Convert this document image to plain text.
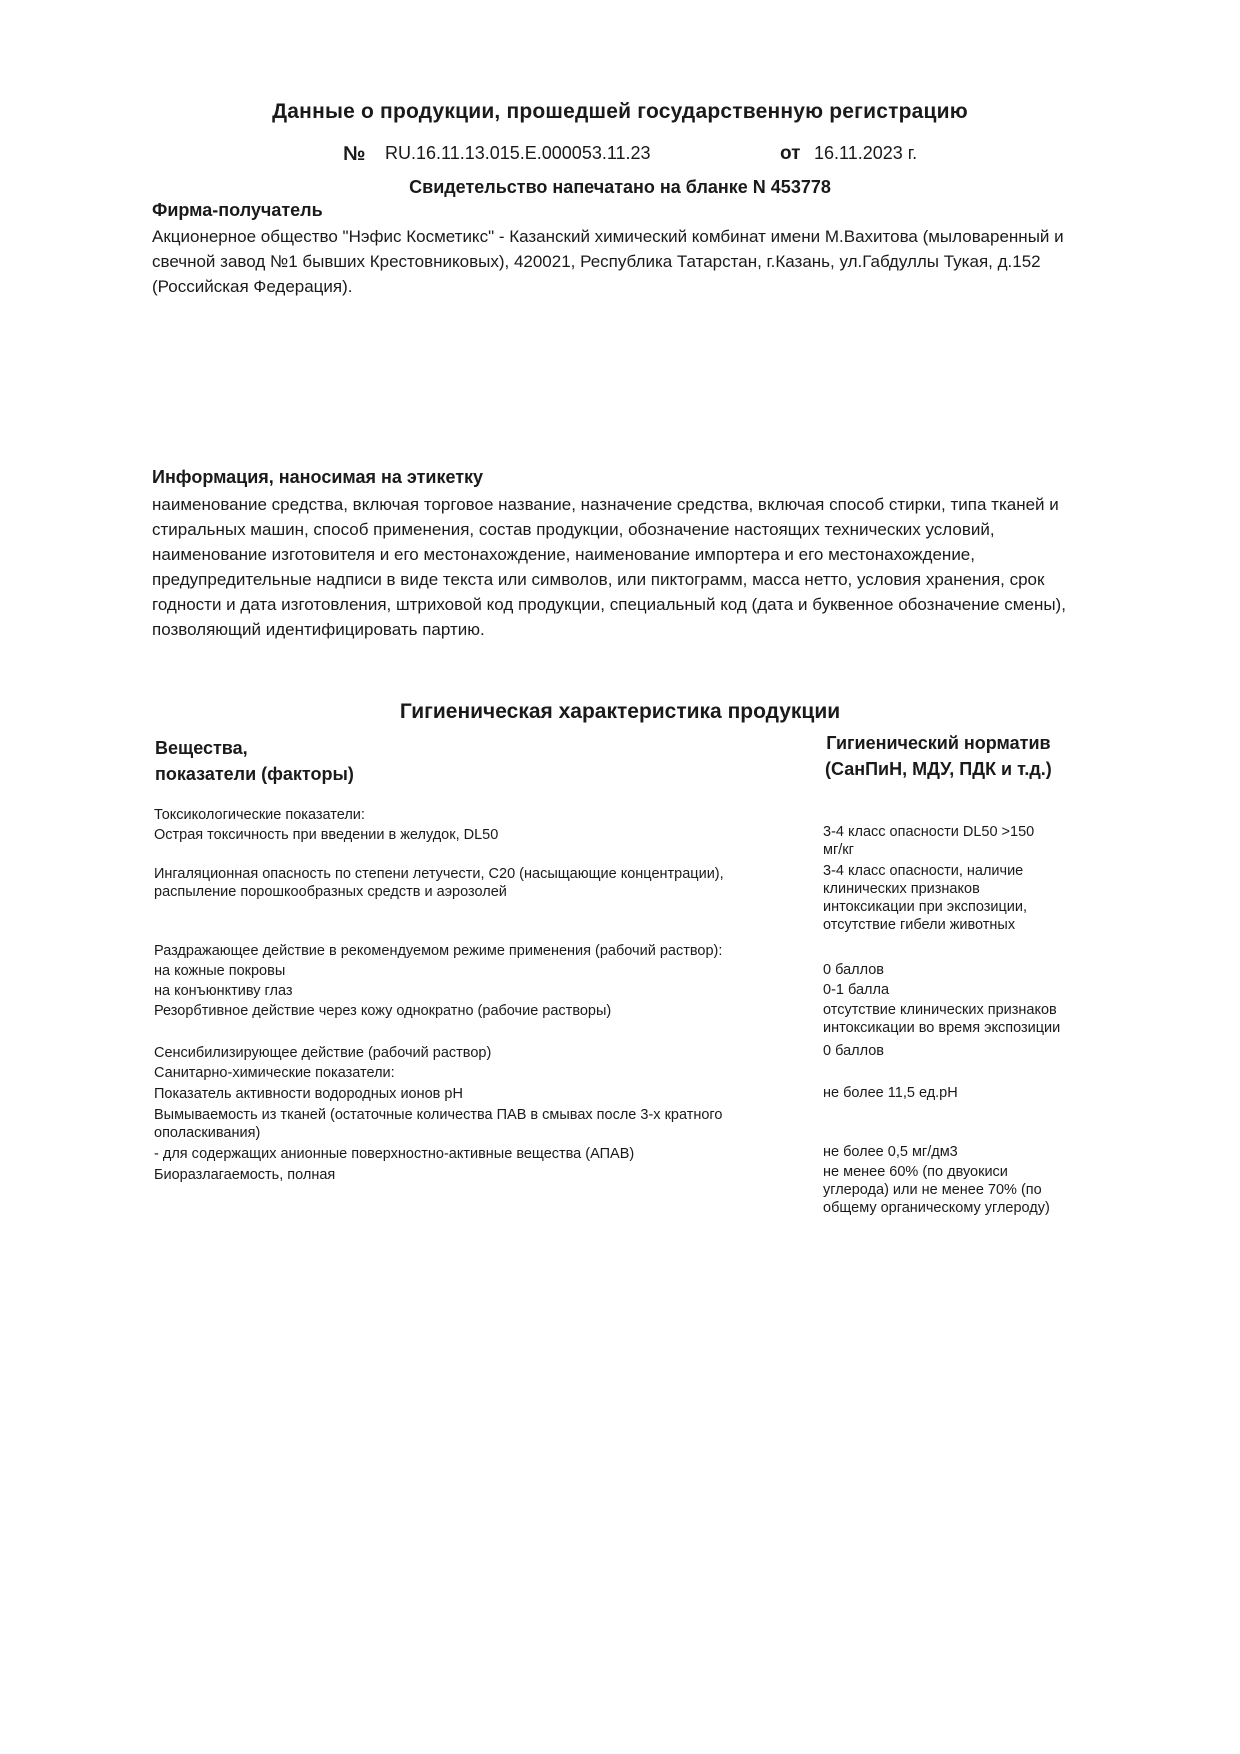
Данные о продукции, прошедшей государственную регистрацию
№ RU.16.11.13.015.E.000053.11.23	от 16.11.2023 г.
Свидетельство напечатано на бланке N 453778
Фирма-получатель
Акционерное общество "Нэфис Косметикс" - Казанский химический комбинат имени М.Вахитова (мыловаренный и
свечной завод №1 бывших Крестовниковых), 420021, Республика Татарстан, г.Казань, ул.Габдуллы Тукая, д.152
(Российская Федерация).
Информация, наносимая на этикетку
наименование средства, включая торговое название, назначение средства, включая способ стирки, типа тканей и
стиральных машин, способ применения, состав продукции, обозначение настоящих технических условий,
наименование изготовителя и его местонахождение, наименование импортера и его местонахождение,
предупредительные надписи в виде текста или символов, или пиктограмм, масса нетто, условия хранения, срок
годности и дата изготовления, штриховой код продукции, специальный код (дата и буквенное обозначение смены),
позволяющий идентифицировать партию.
Гигиеническая характеристика продукции
Вещества,
показатели (факторы)
Гигиенический норматив
(СанПиН, МДУ, ПДК и т.д.)
Токсикологические показатели:
Острая токсичность при введении в желудок, DL50
Ингаляционная опасность по степени летучести, С20 (насыщающие концентрации),
распыление порошкообразных средств и аэрозолей
Раздражающее действие в рекомендуемом режиме применения (рабочий раствор):
на кожные покровы
на конъюнктиву глаз
Резорбтивное действие через кожу однократно (рабочие растворы)
Сенсибилизирующее действие (рабочий раствор)
Санитарно-химические показатели:
Показатель активности водородных ионов рН
Вымываемость из тканей (остаточные количества ПАВ в смывах после 3-х кратного
ополаскивания)
- для содержащих анионные поверхностно-активные вещества (АПАВ)
Биоразлагаемость, полная
3-4 класс опасности DL50 >150
мг/кг
3-4 класс опасности, наличие
клинических признаков
интоксикации при экспозиции,
отсутствие гибели животных
0 баллов
0-1 балла
отсутствие клинических признаков
интоксикации во время экспозиции
0 баллов
не более 11,5 ед.рН
не более 0,5 мг/дм3
не менее 60% (по двуокиси
углерода) или не менее 70% (по
общему органическому углероду)
